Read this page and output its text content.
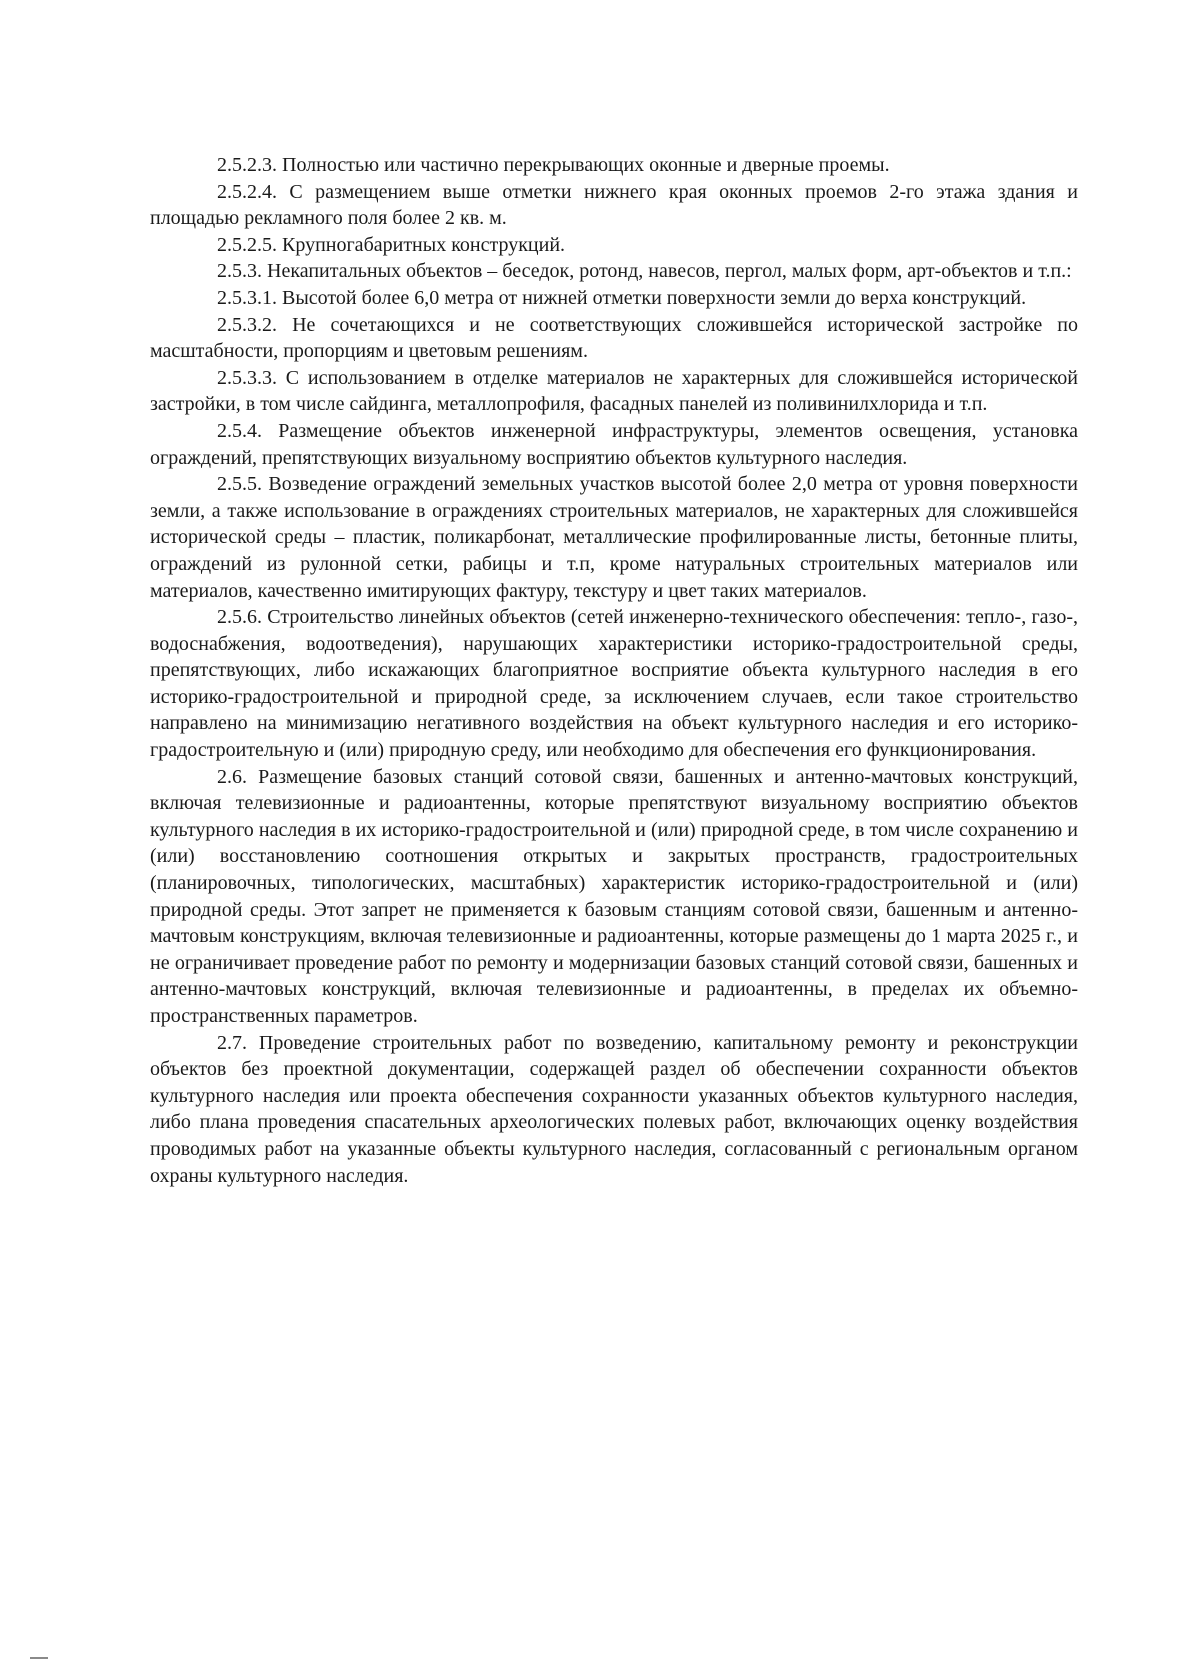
2.5.2.3. Полностью или частично перекрывающих оконные и дверные проемы.

2.5.2.4. С размещением выше отметки нижнего края оконных проемов 2-го этажа здания и площадью рекламного поля более 2 кв. м.

2.5.2.5. Крупногабаритных конструкций.

2.5.3. Некапитальных объектов – беседок, ротонд, навесов, пергол, малых форм, арт-объектов и т.п.:

2.5.3.1. Высотой более 6,0 метра от нижней отметки поверхности земли до верха конструкций.

2.5.3.2. Не сочетающихся и не соответствующих сложившейся исторической застройке по масштабности, пропорциям и цветовым решениям.

2.5.3.3. С использованием в отделке материалов не характерных для сложившейся исторической застройки, в том числе сайдинга, металлопрофиля, фасадных панелей из поливинилхлорида и т.п.

2.5.4. Размещение объектов инженерной инфраструктуры, элементов освещения, установка ограждений, препятствующих визуальному восприятию объектов культурного наследия.

2.5.5. Возведение ограждений земельных участков высотой более 2,0 метра от уровня поверхности земли, а также использование в ограждениях строительных материалов, не характерных для сложившейся исторической среды – пластик, поликарбонат, металлические профилированные листы, бетонные плиты, ограждений из рулонной сетки, рабицы и т.п, кроме натуральных строительных материалов или материалов, качественно имитирующих фактуру, текстуру и цвет таких материалов.

2.5.6. Строительство линейных объектов (сетей инженерно-технического обеспечения: тепло-, газо-, водоснабжения, водоотведения), нарушающих характеристики историко-градостроительной среды, препятствующих, либо искажающих благоприятное восприятие объекта культурного наследия в его историко-градостроительной и природной среде, за исключением случаев, если такое строительство направлено на минимизацию негативного воздействия на объект культурного наследия и его историко-градостроительную и (или) природную среду, или необходимо для обеспечения его функционирования.

2.6. Размещение базовых станций сотовой связи, башенных и антенно-мачтовых конструкций, включая телевизионные и радиоантенны, которые препятствуют визуальному восприятию объектов культурного наследия в их историко-градостроительной и (или) природной среде, в том числе сохранению и (или) восстановлению соотношения открытых и закрытых пространств, градостроительных (планировочных, типологических, масштабных) характеристик историко-градостроительной и (или) природной среды. Этот запрет не применяется к базовым станциям сотовой связи, башенным и антенно-мачтовым конструкциям, включая телевизионные и радиоантенны, которые размещены до 1 марта 2025 г., и не ограничивает проведение работ по ремонту и модернизации базовых станций сотовой связи, башенных и антенно-мачтовых конструкций, включая телевизионные и радиоантенны, в пределах их объемно-пространственных параметров.

2.7. Проведение строительных работ по возведению, капитальному ремонту и реконструкции объектов без проектной документации, содержащей раздел об обеспечении сохранности объектов культурного наследия или проекта обеспечения сохранности указанных объектов культурного наследия, либо плана проведения спасательных археологических полевых работ, включающих оценку воздействия проводимых работ на указанные объекты культурного наследия, согласованный с региональным органом охраны культурного наследия.
